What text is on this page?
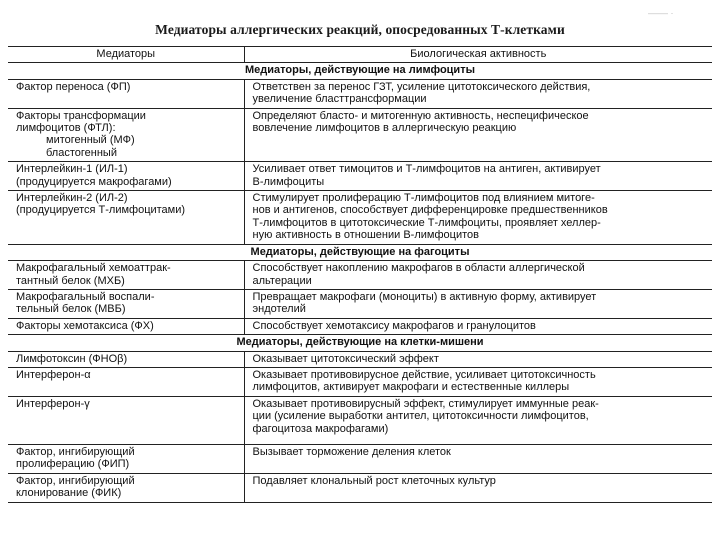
–––– ·
Медиаторы аллергических реакций, опосредованных Т-клетками
Медиаторы	Биологическая активность
Медиаторы, действующие на лимфоциты	

Фактор переноса (ФП)	Ответствен за перенос ГЗТ, усиление цитотоксического действия,
увеличение бласттрансформации

Факторы трансформации
лимфоцитов (ФТЛ):
митогенный (МФ)
бластогенный	Определяют бласто- и митогенную активность, неспецифическое
вовлечение лимфоцитов в аллергическую реакцию

Интерлейкин-1 (ИЛ-1)
(продуцируется макрофагами)	Усиливает ответ тимоцитов и Т-лимфоцитов на антиген, активирует
В-лимфоциты

Интерлейкин-2 (ИЛ-2)
(продуцируется Т-лимфоцитами)	Стимулирует пролиферацию Т-лимфоцитов под влиянием митоге-
нов и антигенов, способствует дифференцировке предшественников
Т-лимфоцитов в цитотоксические Т-лимфоциты, проявляет хеллер-
ную активность в отношении В-лимфоцитов

Медиаторы, действующие на фагоциты	

Макрофагальный хемоаттрак-
тантный белок (МХБ)	Способствует накоплению макрофагов в области аллергической
альтерации

Макрофагальный воспали-
тельный белок (МВБ)	Превращает макрофаги (моноциты) в активную форму, активирует
эндотелий

Факторы хемотаксиса (ФХ)	Способствует хемотаксису макрофагов и гранулоцитов

Медиаторы, действующие на клетки-мишени	

Лимфотоксин (ФНОβ)	Оказывает цитотоксический эффект

Интерферон-α	Оказывает противовирусное действие, усиливает цитотоксичность
лимфоцитов, активирует макрофаги и естественные киллеры

Интерферон-γ	Оказывает противовирусный эффект, стимулирует иммунные реак-
ции (усиление выработки антител, цитотоксичности лимфоцитов,
фагоцитоза макрофагами)

Фактор, ингибирующий
пролиферацию (ФИП)	Вызывает торможение деления клеток

Фактор, ингибирующий
клонирование (ФИК)	Подавляет клональный рост клеточных культур
